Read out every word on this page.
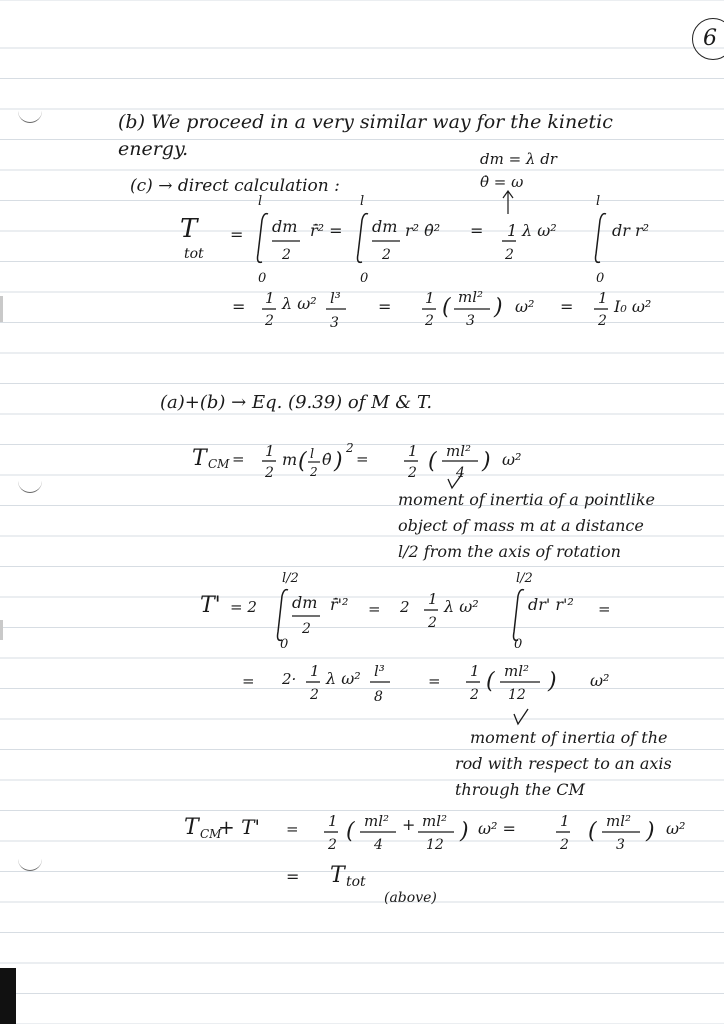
6
(b) We proceed in a very similar way for the kinetic
energy.	dm = λ dr
θ̇ = ω
(c) → direct calculation :
T
tot
=
l
0
dm
2
r̄̇² =
l
0
dm
2
r² θ̇² = 1
2
λ ω²
l
0
dr r²
= 1
2
λ ω² l³
3
= 1
2
( ml²
3
) ω² = 1
2
I₀ ω²
(a)+(b) → Eq. (9.39) of M & T.
T CM = 1
2
m ( l
2
θ̇ )
2
=	1
2 ( ml²
4 ) ω²
moment of inertia of a pointlike
object of mass m at a distance
l/2 from the axis of rotation
T' = 2
l/2
0
dm
2
r̄̇'² = 2 1
2
λ ω²
l/2
0
dr' r'² =
= 2· 1
2
λ ω² l³
8
=
1
2
( ml²
12
) ω²
moment of inertia of the
rod with respect to an axis
through the CM
T CM
+ T' = 1
2
( ml²
4
+ ml²
12
) ω² =	1
2
( ml²
3
) ω²
= T tot
(above)
